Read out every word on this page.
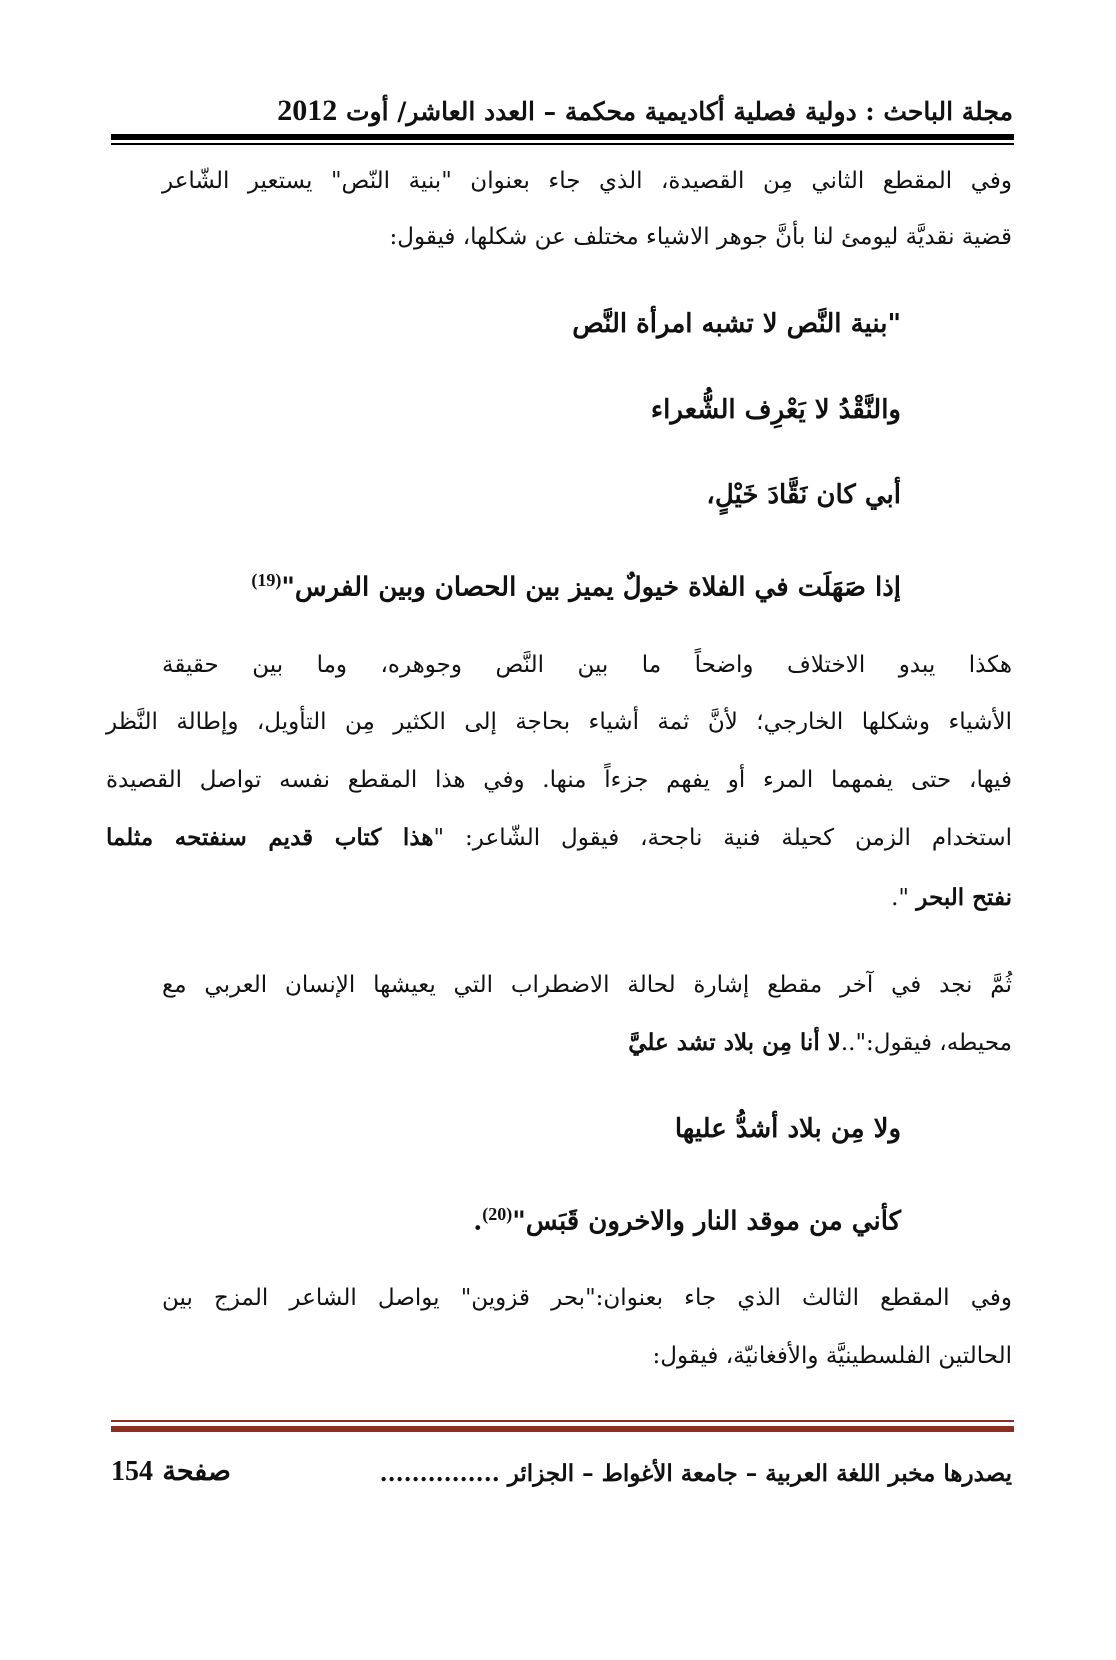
مجلة الباحث : دولية فصلية أكاديمية محكمة – العدد العاشر/ أوت 2012
وفي المقطع الثاني مِن القصيدة، الذي جاء بعنوان "بنية النّص" يستعير الشّاعر
قضية نقديَّة ليومئ لنا بأنَّ جوهر الاشياء مختلف عن شكلها، فيقول:
"بنية النَّص لا تشبه امرأة النَّص
والنَّقْدُ لا يَعْرِف الشُّعراء
أبي كان نَقَّادَ خَيْلٍ،
إذا صَهَلَت في الفلاة خيولٌ يميز بين الحصان وبين الفرس"$^{(19)}$
هكذا يبدو الاختلاف واضحاً ما بين النَّص وجوهره، وما بين حقيقة
الأشياء وشكلها الخارجي؛ لأنَّ ثمة أشياء بحاجة إلى الكثير مِن التأويل، وإطالة النَّظر
فيها، حتى يفمهما المرء أو يفهم جزءاً منها. وفي هذا المقطع نفسه تواصل القصيدة
استخدام الزمن كحيلة فنية ناجحة، فيقول الشّاعر: "هذا كتاب قديم سنفتحه مثلما
نفتح البحر ".
ثُمَّ نجد في آخر مقطع إشارة لحالة الاضطراب التي يعيشها الإنسان العربي مع
محيطه، فيقول:"..لا أنا مِن بلاد تشد عليَّ
ولا مِن بلاد أشدُّ عليها
كأني من موقد النار والاخرون قَبَس"$^{(20)}$.
وفي المقطع الثالث الذي جاء بعنوان:"بحر قزوين" يواصل الشاعر المزج بين
الحالتين الفلسطينيَّة والأفغانيّة، فيقول:
يصدرها مخبر اللغة العربية – جامعة الأغواط – الجزائر ...............
صفحة 154
